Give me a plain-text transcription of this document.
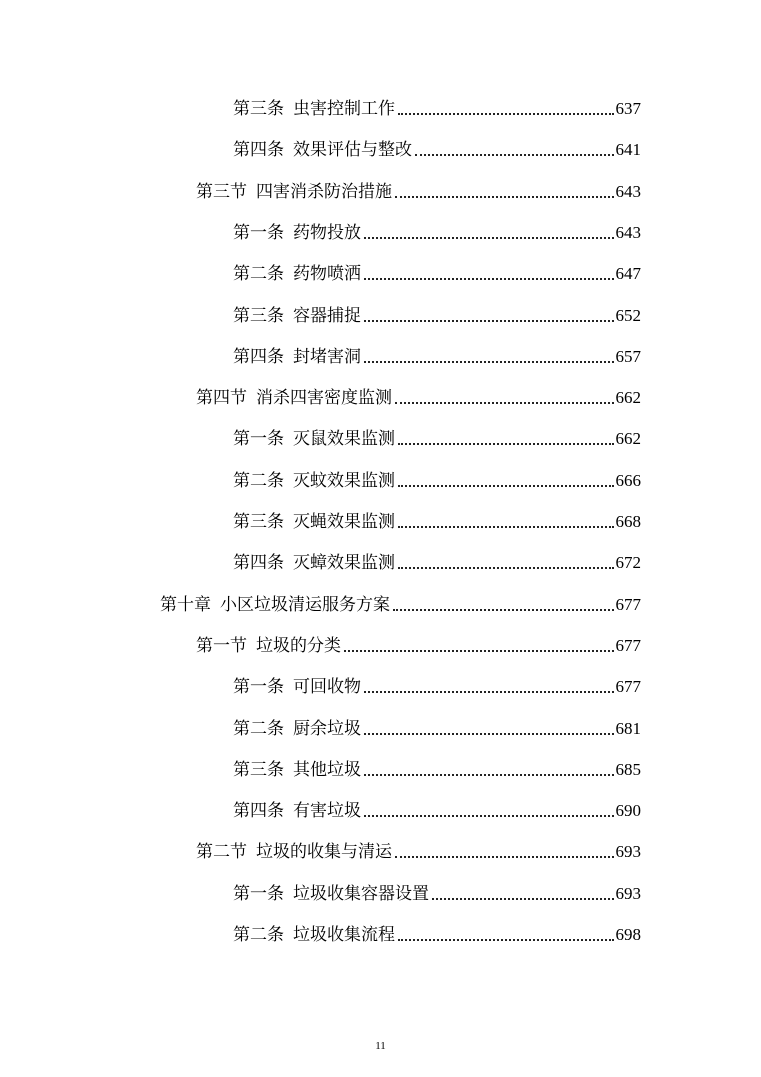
第三条 虫害控制工作	637
第四条 效果评估与整改	641
第三节 四害消杀防治措施	643
第一条 药物投放	643
第二条 药物喷洒	647
第三条 容器捕捉	652
第四条 封堵害洞	657
第四节 消杀四害密度监测	662
第一条 灭鼠效果监测	662
第二条 灭蚊效果监测	666
第三条 灭蝇效果监测	668
第四条 灭蟑效果监测	672
第十章 小区垃圾清运服务方案	677
第一节 垃圾的分类	677
第一条 可回收物	677
第二条 厨余垃圾	681
第三条 其他垃圾	685
第四条 有害垃圾	690
第二节 垃圾的收集与清运	693
第一条 垃圾收集容器设置	693
第二条 垃圾收集流程	698
11
